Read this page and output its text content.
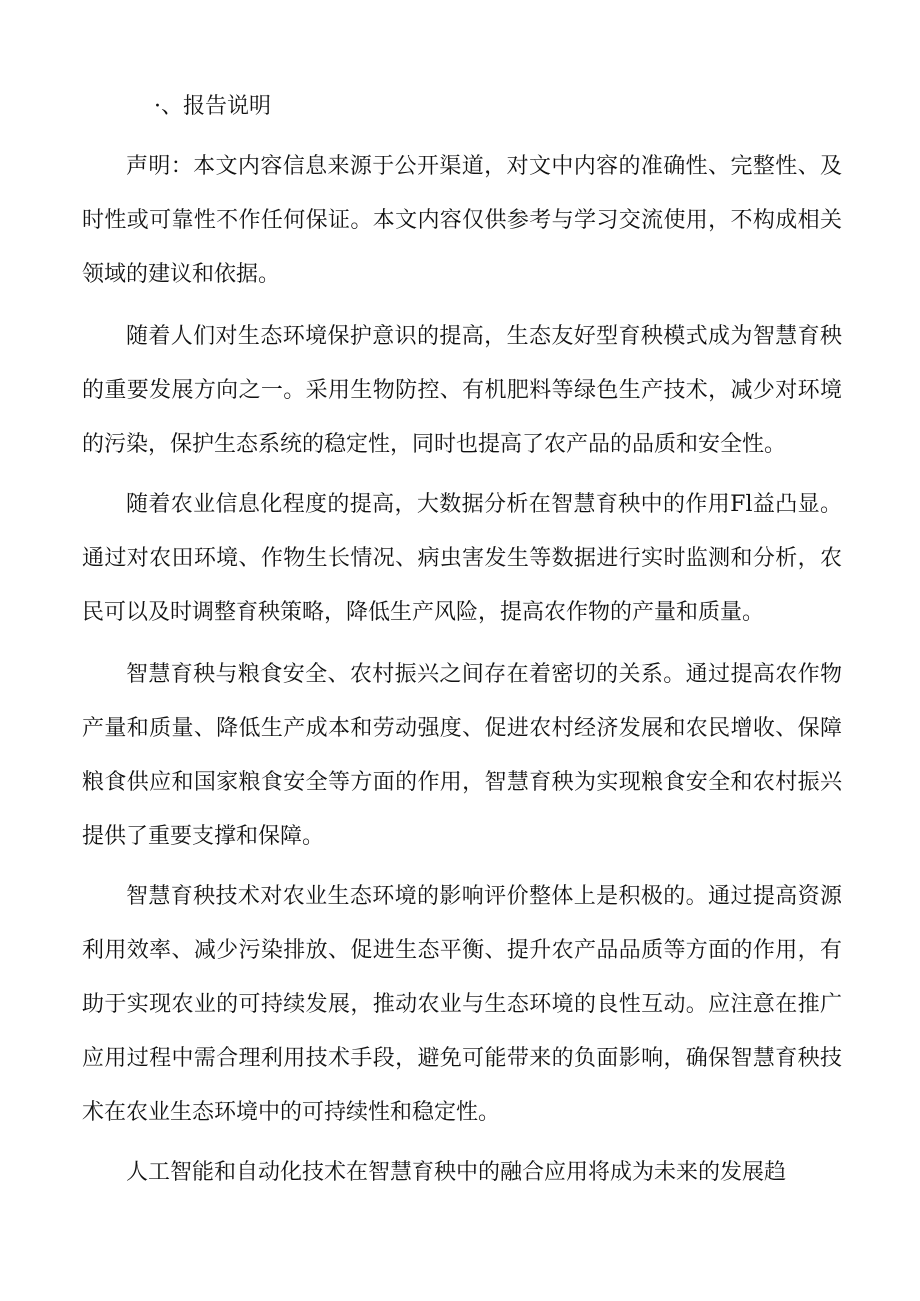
·、报告说明

声明：本文内容信息来源于公开渠道，对文中内容的准确性、完整性、及时性或可靠性不作任何保证。本文内容仅供参考与学习交流使用，不构成相关领域的建议和依据。

随着人们对生态环境保护意识的提高，生态友好型育秧模式成为智慧育秧的重要发展方向之一。采用生物防控、有机肥料等绿色生产技术，减少对环境的污染，保护生态系统的稳定性，同时也提高了农产品的品质和安全性。

随着农业信息化程度的提高，大数据分析在智慧育秧中的作用Fl益凸显。通过对农田环境、作物生长情况、病虫害发生等数据进行实时监测和分析，农民可以及时调整育秧策略，降低生产风险，提高农作物的产量和质量。

智慧育秧与粮食安全、农村振兴之间存在着密切的关系。通过提高农作物产量和质量、降低生产成本和劳动强度、促进农村经济发展和农民增收、保障粮食供应和国家粮食安全等方面的作用，智慧育秧为实现粮食安全和农村振兴提供了重要支撑和保障。

智慧育秧技术对农业生态环境的影响评价整体上是积极的。通过提高资源利用效率、减少污染排放、促进生态平衡、提升农产品品质等方面的作用，有助于实现农业的可持续发展，推动农业与生态环境的良性互动。应注意在推广应用过程中需合理利用技术手段，避免可能带来的负面影响，确保智慧育秧技术在农业生态环境中的可持续性和稳定性。

人工智能和自动化技术在智慧育秧中的融合应用将成为未来的发展趋
